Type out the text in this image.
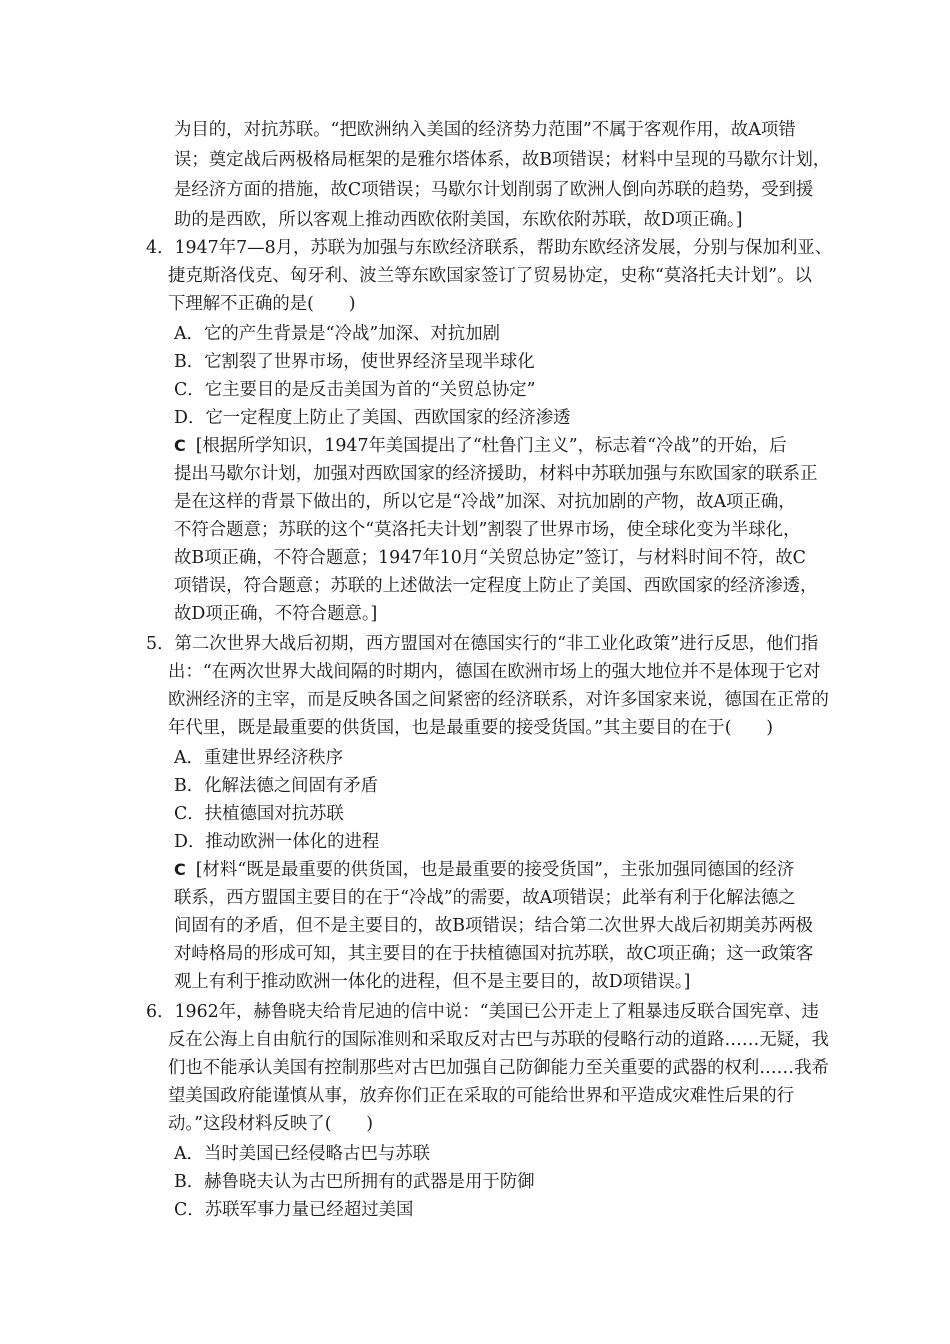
为目的，对抗苏联。“把欧洲纳入美国的经济势力范围”不属于客观作用，故A项错
误；奠定战后两极格局框架的是雅尔塔体系，故B项错误；材料中呈现的马歇尔计划，
是经济方面的措施，故C项错误；马歇尔计划削弱了欧洲人倒向苏联的趋势，受到援
助的是西欧，所以客观上推动西欧依附美国，东欧依附苏联，故D项正确。]
4．1947年7—8月，苏联为加强与东欧经济联系，帮助东欧经济发展，分别与保加利亚、
捷克斯洛伐克、匈牙利、波兰等东欧国家签订了贸易协定，史称“莫洛托夫计划”。以
下理解不正确的是(　　)
A．它的产生背景是“冷战”加深、对抗加剧
B．它割裂了世界市场，使世界经济呈现半球化
C．它主要目的是反击美国为首的“关贸总协定”
D．它一定程度上防止了美国、西欧国家的经济渗透
C [根据所学知识，1947年美国提出了“杜鲁门主义”，标志着“冷战”的开始，后
提出马歇尔计划，加强对西欧国家的经济援助，材料中苏联加强与东欧国家的联系正
是在这样的背景下做出的，所以它是“冷战”加深、对抗加剧的产物，故A项正确，
不符合题意；苏联的这个“莫洛托夫计划”割裂了世界市场，使全球化变为半球化，
故B项正确，不符合题意；1947年10月“关贸总协定”签订，与材料时间不符，故C
项错误，符合题意；苏联的上述做法一定程度上防止了美国、西欧国家的经济渗透，
故D项正确，不符合题意。]
5．第二次世界大战后初期，西方盟国对在德国实行的“非工业化政策”进行反思，他们指
出：“在两次世界大战间隔的时期内，德国在欧洲市场上的强大地位并不是体现于它对
欧洲经济的主宰，而是反映各国之间紧密的经济联系，对许多国家来说，德国在正常的
年代里，既是最重要的供货国，也是最重要的接受货国。”其主要目的在于(　　)
A．重建世界经济秩序
B．化解法德之间固有矛盾
C．扶植德国对抗苏联
D．推动欧洲一体化的进程
C [材料“既是最重要的供货国，也是最重要的接受货国”，主张加强同德国的经济
联系，西方盟国主要目的在于“冷战”的需要，故A项错误；此举有利于化解法德之
间固有的矛盾，但不是主要目的，故B项错误；结合第二次世界大战后初期美苏两极
对峙格局的形成可知，其主要目的在于扶植德国对抗苏联，故C项正确；这一政策客
观上有利于推动欧洲一体化的进程，但不是主要目的，故D项错误。]
6．1962年，赫鲁晓夫给肯尼迪的信中说：“美国已公开走上了粗暴违反联合国宪章、违
反在公海上自由航行的国际准则和采取反对古巴与苏联的侵略行动的道路……无疑，我
们也不能承认美国有控制那些对古巴加强自己防御能力至关重要的武器的权利……我希
望美国政府能谨慎从事，放弃你们正在采取的可能给世界和平造成灾难性后果的行
动。”这段材料反映了(　　)
A．当时美国已经侵略古巴与苏联
B．赫鲁晓夫认为古巴所拥有的武器是用于防御
C．苏联军事力量已经超过美国
